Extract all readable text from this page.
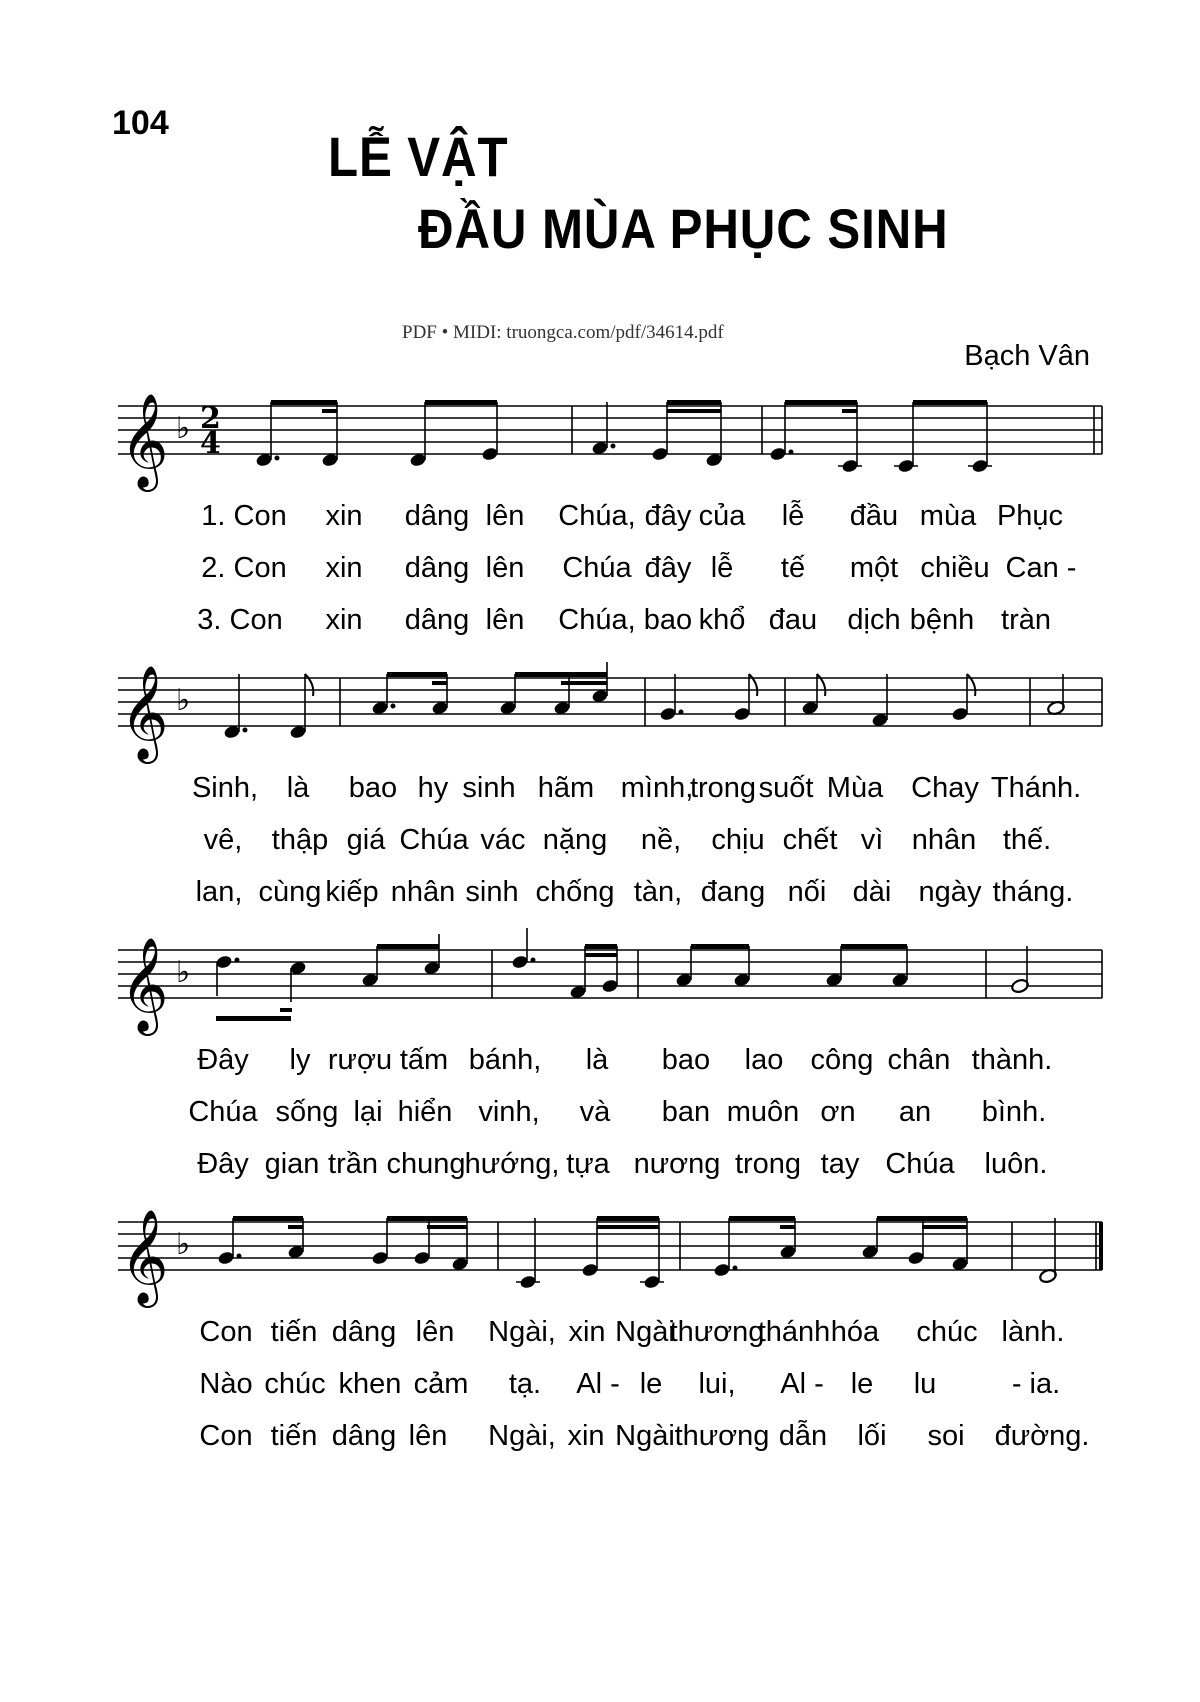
104
LỄ VẬT
ĐẦU MÙA PHỤC SINH
PDF • MIDI: truongca.com/pdf/34614.pdf
Bạch Vân
𝄞 ♭ 2
4
𝄞 ♭
𝄞 ♭
𝄞 ♭
1. Con xin dâng lên Chúa, đây của lễ đầu mùa Phục
2. Con xin dâng lên Chúa đây lễ tế một chiều Can -
3. Con xin dâng lên Chúa, bao khổ đau dịch bệnh tràn
Sinh, là bao hy sinh hãm mình,
trong suốt Mùa Chay Thánh.
vê, thập giá Chúa vác nặng nề, chịu chết vì nhân thế.
lan, cùng kiếp nhân sinh chống tàn, đang nối dài ngày tháng.
Đây ly rượu tấm bánh, là bao lao công chân thành.
Chúa sống lại hiển vinh, và ban muôn ơn an bình.
Đây gian trần chung hướng, tựa nương trong tay Chúa luôn.
Con tiến dâng lên Ngài, xin Ngài
thương
thánh hóa chúc lành.
Nào chúc khen cảm tạ. Al - le lui, Al - le lu	- ia.
Con tiến dâng lên Ngài, xin Ngài thương dẫn lối soi đường.
